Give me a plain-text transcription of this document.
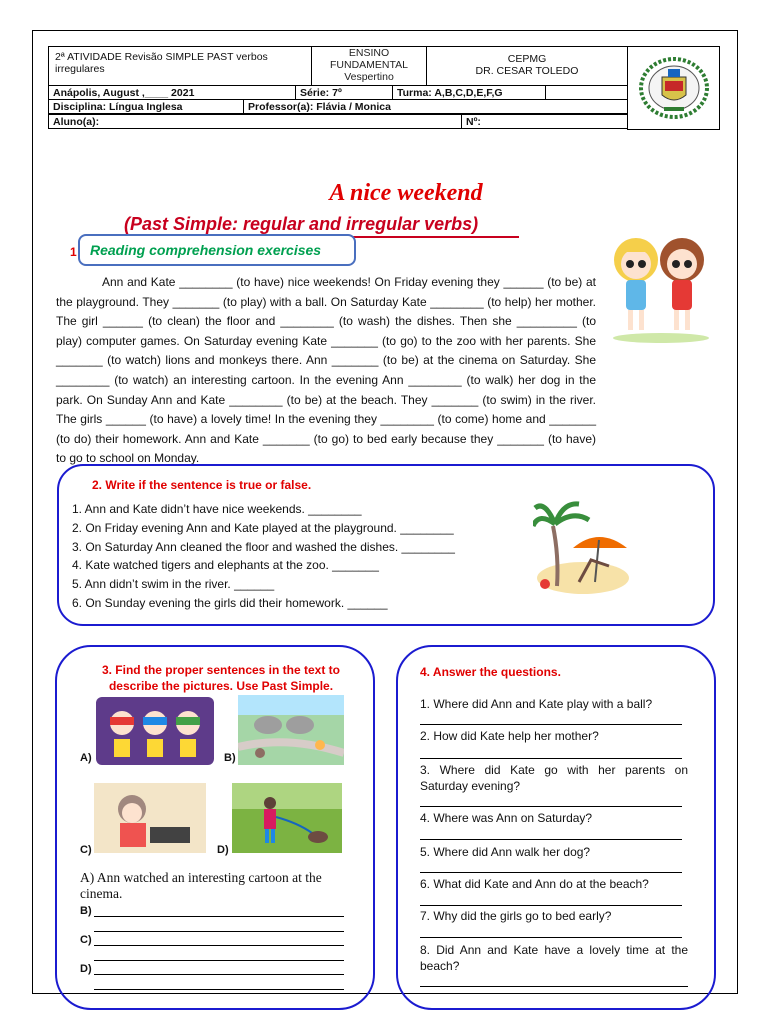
2ª ATIVIDADE Revisão SIMPLE PAST verbos irregulares
ENSINO
FUNDAMENTAL
Vespertino
CEPMG
DR. CESAR TOLEDO
Anápolis, August ,____ 2021	Série: 7º	Turma: A,B,C,D,E,F,G
Disciplina: Língua Inglesa	Professor(a): Flávia / Monica
Aluno(a):	Nº:
A nice weekend
(Past Simple: regular and irregular verbs)
1 Reading comprehension exercises

Ann and Kate ________ (to have) nice weekends! On Friday evening they ______ (to be) at the playground. They _______ (to play) with a ball. On Saturday Kate ________ (to help) her mother. The girl ______ (to clean) the floor and ________ (to wash) the dishes. Then she _________ (to play) computer games. On Saturday evening Kate _______ (to go) to the zoo with her parents. She _______ (to watch) lions and monkeys there. Ann _______ (to be) at the cinema on Saturday. She ________ (to watch) an interesting cartoon. In the evening Ann ________ (to walk) her dog in the park. On Sunday Ann and Kate ________ (to be) at the beach. They _______ (to swim) in the river. The girls ______ (to have) a lovely time! In the evening they ________ (to come) home and _______ (to do) their homework. Ann and Kate _______ (to go) to bed early because they _______ (to have) to go to school on Monday.

2. Write if the sentence is true or false.
1. Ann and Kate didn’t have nice weekends. ________
2. On Friday evening Ann and Kate played at the playground. ________
3. On Saturday Ann cleaned the floor and washed the dishes. ________
4. Kate watched tigers and elephants at the zoo. _______
5. Ann didn’t swim in the river. ______
6. On Sunday evening the girls did their homework. ______
3. Find the proper sentences in the text to describe the pictures. Use Past Simple.
A)	B)
C)	D)
A) Ann watched an interesting cartoon at the cinema.
B)
C)
D)
4. Answer the questions.
1. Where did Ann and Kate play with a ball?
2. How did Kate help her mother?
3. Where did Kate go with her parents on Saturday evening?
4. Where was Ann on Saturday?
5. Where did Ann walk her dog?
6. What did Kate and Ann do at the beach?
7. Why did the girls go to bed early?
8. Did Ann and Kate have a lovely time at the beach?
